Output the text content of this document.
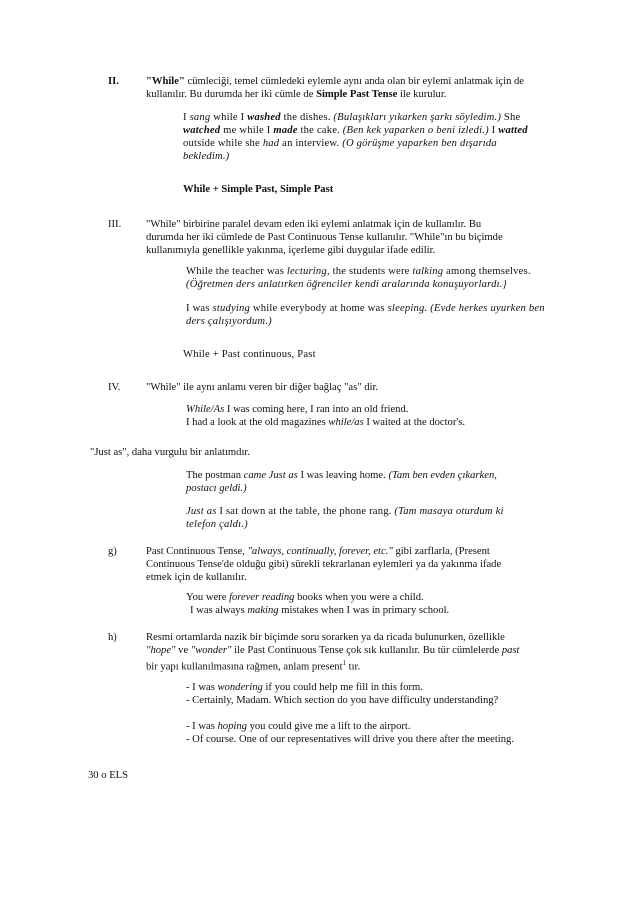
II.	"While" cümleciği, temel cümledeki eylemle aynı anda olan bir eylemi anlatmak için de
kullanılır. Bu durumda her iki cümle de Simple Past Tense ile kurulur.
I sang while I washed the dishes. (Bulaşıkları yıkarken şarkı söyledim.) She
watched me while I made the cake. (Ben kek yaparken o beni izledi.) I watted
outside while she had an interview. (O görüşme yaparken ben dışarıda
bekledim.)
While + Simple Past, Simple Past
III. "While" birbirine paralel devam eden iki eylemi anlatmak için de kullanılır. Bu
durumda her iki cümlede de Past Continuous Tense kullanılır. "While"ın bu biçimde
kullanımıyla genellikle yakınma, içerleme gibi duygular ifade edilir.
While the teacher was lecturing, the students were talking among themselves.
(Öğretmen ders anlatırken öğrenciler kendi aralarında konuşuyorlardı.}
I was studying while everybody at home was sleeping. (Evde herkes uyurken ben
ders çalışıyordum.)
While + Past continuous, Past
IV. "While" ile aynı anlamı veren bir diğer bağlaç "as" dir.
While/As I was coming here, I ran into an old friend.
I had a look at the old magazines while/as I waited at the doctor's.
"Just as", daha vurgulu bir anlatımdır.
The postman came Just as I was leaving home. (Tam ben evden çıkarken,
postacı geldi.)
Just as I sat down at the table, the phone rang. (Tam masaya oturdum ki
telefon çaldı.)
g)	Past Continuous Tense, "always, continually, forever, etc." gibi zarflarla, (Present
Continuous Tense'de olduğu gibi) sürekli tekrarlanan eylemleri ya da yakınma ifade
etmek için de kullanılır.
You were forever reading books when you were a child.
I was always making mistakes when I was in primary school.
h)	Resmi ortamlarda nazik bir biçimde soru sorarken ya da ricada bulunurken, özellikle
"hope" ve "wonder" ile Past Continuous Tense çok sık kullanılır. Bu tür cümlelerde past
bir yapı kullanılmasına rağmen, anlam present$^1$ tır.
- I was wondering if you could help me fill in this form.
- Certainly, Madam. Which section do you have difficulty understanding?
- I was hoping you could give me a lift to the airport.
- Of course. One of our representatives will drive you there after the meeting.
30 o ELS
